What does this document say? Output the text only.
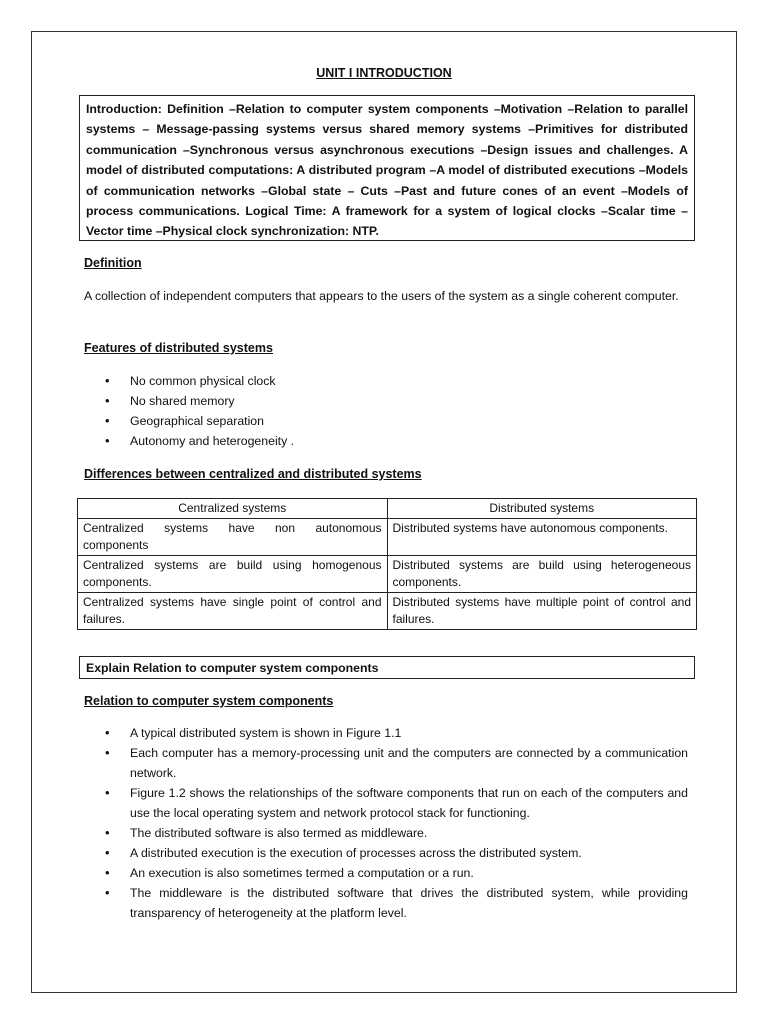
UNIT I INTRODUCTION
Introduction: Definition –Relation to computer system components –Motivation –Relation to parallel systems – Message-passing systems versus shared memory systems –Primitives for distributed communication –Synchronous versus asynchronous executions –Design issues and challenges. A model of distributed computations: A distributed program –A model of distributed executions –Models of communication networks –Global state – Cuts –Past and future cones of an event –Models of process communications. Logical Time: A framework for a system of logical clocks –Scalar time –Vector time –Physical clock synchronization: NTP.
Definition
A collection of independent computers that appears to the users of the system as a single coherent computer.
Features of distributed systems
• No common physical clock
• No shared memory
• Geographical separation
• Autonomy and heterogeneity .
Differences between centralized and distributed systems
Centralized systems	Distributed systems
Centralized systems have non autonomous components	Distributed systems have autonomous components.
Centralized systems are build using homogenous components.	Distributed systems are build using heterogeneous components.
Centralized systems have single point of control and failures.	Distributed systems have multiple point of control and failures.
Explain Relation to computer system components
Relation to computer system components
• A typical distributed system is shown in Figure 1.1
• Each computer has a memory-processing unit and the computers are connected by a communication network.
• Figure 1.2 shows the relationships of the software components that run on each of the computers and use the local operating system and network protocol stack for functioning.
• The distributed software is also termed as middleware.
• A distributed execution is the execution of processes across the distributed system.
• An execution is also sometimes termed a computation or a run.
• The middleware is the distributed software that drives the distributed system, while providing transparency of heterogeneity at the platform level.
